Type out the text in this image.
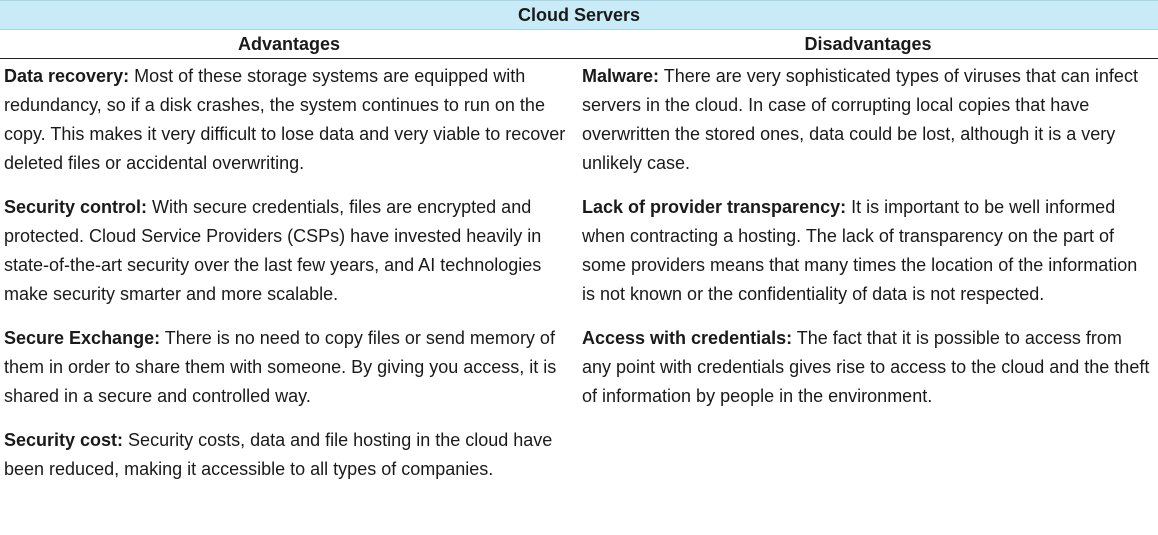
Cloud Servers
Advantages	Disadvantages

Data recovery: Most of these storage systems are equipped with redundancy, so if a disk crashes, the system continues to run on the copy. This makes it very difficult to lose data and very viable to recover deleted files or accidental overwriting.

Security control: With secure credentials, files are encrypted and protected. Cloud Service Providers (CSPs) have invested heavily in state-of-the-art security over the last few years, and AI technologies make security smarter and more scalable.

Secure Exchange: There is no need to copy files or send memory of them in order to share them with someone. By giving you access, it is shared in a secure and controlled way.

Security cost: Security costs, data and file hosting in the cloud have been reduced, making it accessible to all types of companies.

Malware: There are very sophisticated types of viruses that can infect servers in the cloud. In case of corrupting local copies that have overwritten the stored ones, data could be lost, although it is a very unlikely case.

Lack of provider transparency: It is important to be well informed when contracting a hosting. The lack of transparency on the part of some providers means that many times the location of the information is not known or the confidentiality of data is not respected.

Access with credentials: The fact that it is possible to access from any point with credentials gives rise to access to the cloud and the theft of information by people in the environment.
